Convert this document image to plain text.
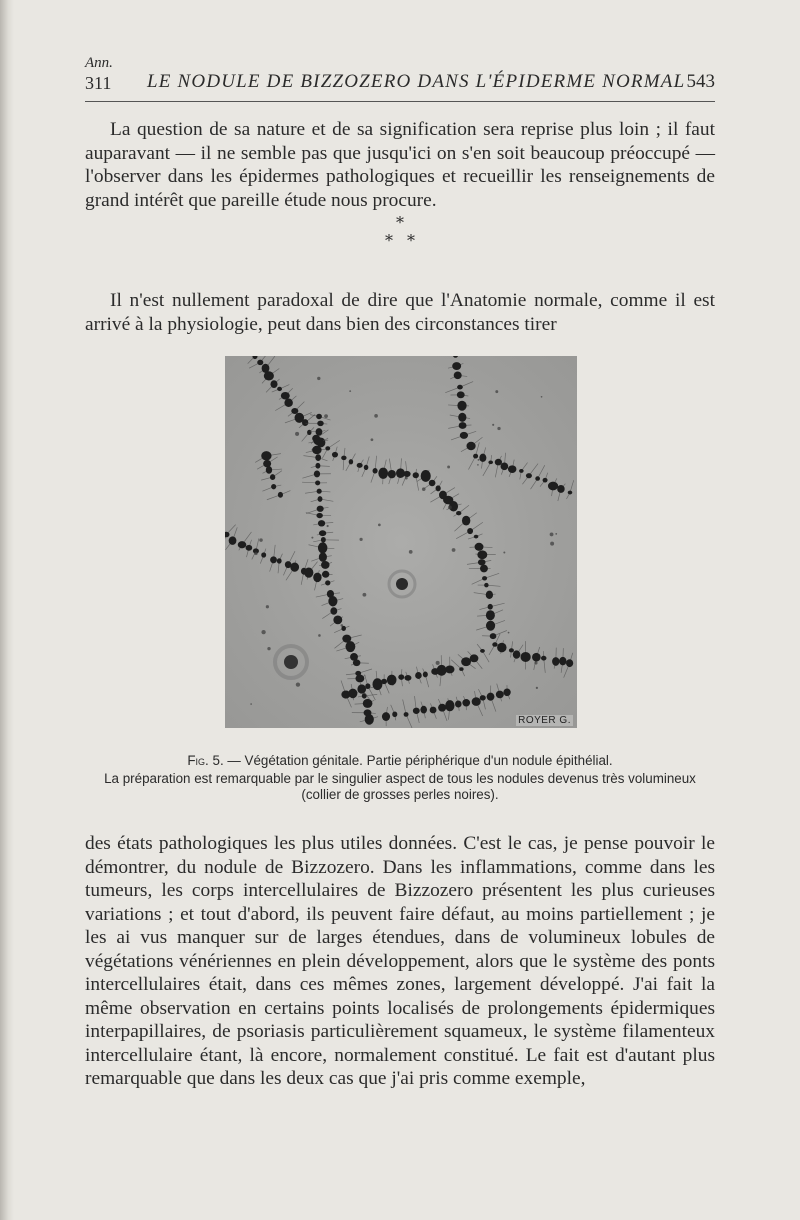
Ann.
311 LE NODULE DE BIZZOZERO DANS L'ÉPIDERME NORMAL 543

La question de sa nature et de sa signification sera reprise plus loin ; il faut auparavant — il ne semble pas que jusqu'ici on s'en soit beaucoup préoccupé — l'observer dans les épidermes pathologiques et recueillir les renseignements de grand intérêt que pareille étude nous procure.

*
* *

Il n'est nullement paradoxal de dire que l'Anatomie normale, comme il est arrivé à la physiologie, peut dans bien des circonstances tirer

ROYER G.
Fig. 5. — Végétation génitale. Partie périphérique d'un nodule épithélial.
La préparation est remarquable par le singulier aspect de tous les nodules devenus très volumineux (collier de grosses perles noires).

des états pathologiques les plus utiles données. C'est le cas, je pense pouvoir le démontrer, du nodule de Bizzozero. Dans les inflammations, comme dans les tumeurs, les corps intercellulaires de Bizzozero présentent les plus curieuses variations ; et tout d'abord, ils peuvent faire défaut, au moins partiellement ; je les ai vus manquer sur de larges étendues, dans de volumineux lobules de végétations vénériennes en plein développement, alors que le système des ponts intercellulaires était, dans ces mêmes zones, largement développé. J'ai fait la même observation en certains points localisés de prolongements épidermiques interpapillaires, de psoriasis particulièrement squameux, le système filamenteux intercellulaire étant, là encore, normalement constitué. Le fait est d'autant plus remarquable que dans les deux cas que j'ai pris comme exemple,
